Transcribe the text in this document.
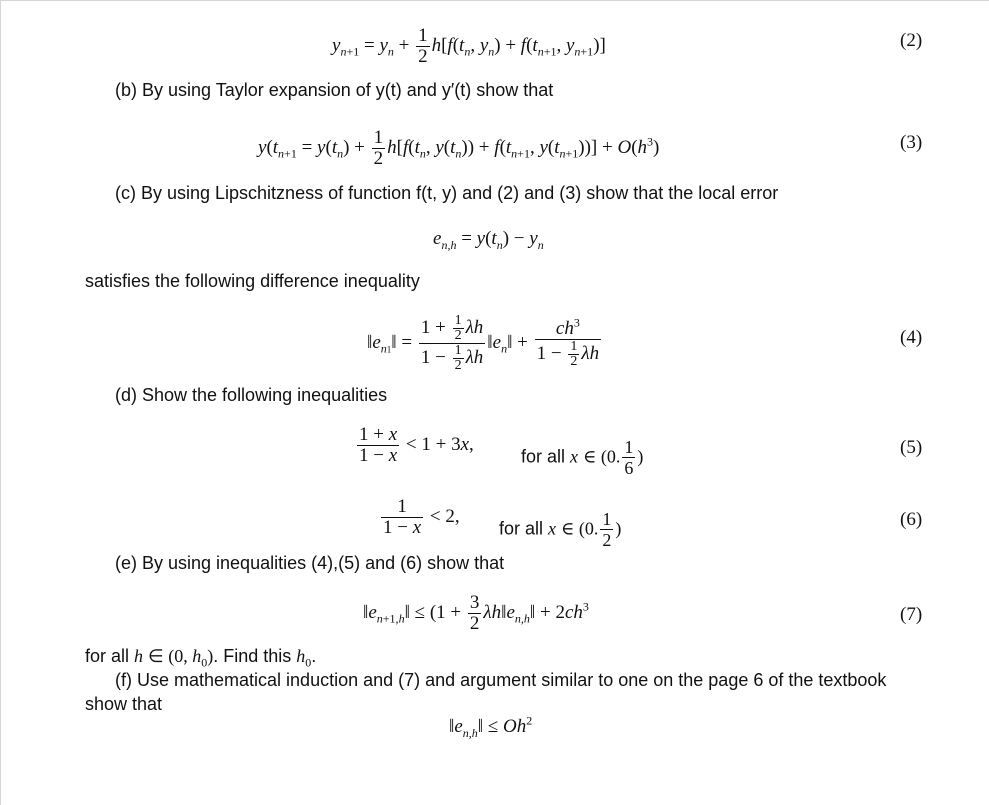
$y_{n+1} = y_n + \frac{1}{2} h[f(t_n$, $y_n) + f(t_{n+1}$, $y_{n+1}$)]	(2)
(b) By using Taylor expansion of y(t) and y′(t) show that
$y(t_{n+1} = y(t_n) + \frac{1}{2} h[f(t_n$, $y(t_n)) + f(t_{n+1}$, $y(t_{n+1}))] + O(h^3)$	(3)
(c) By using Lipschitzness of function f(t, y) and (2) and (3) show that the local error
$e_{n,h} = y(t_n) - y_n$
satisfies the following difference inequality
$‖e_{n1}‖ = \frac{1 + \frac{1}{2} \lambda h}{1 - \frac{1}{2} \lambda h}$ $‖e_n‖ + \frac{ch^3}{1 - \frac{1}{2} \lambda h}$	(4)
(d) Show the following inequalities
$\frac{1 + x}{1 - x} < 1 + 3x$,
for all x ∈ (0. $\frac{1}{6}$ )	(5)
$\frac{1}{1 - x} < 2$,
for all x ∈ (0. $\frac{1}{2}$ )	(6)
(e) By using inequalities (4),(5) and (6) show that
$‖e_{n+1,h}‖ \le (1 + \frac{3}{2}$ $\lambda h‖e_{n,h}‖ + 2ch^3$	(7)
for all h ∈ (0, $h_0$). Find this $h_0$.
(f) Use mathematical induction and (7) and argument similar to one on the page 6 of the textbook
show that
$‖e_{n,h}‖ \le Oh^2$
